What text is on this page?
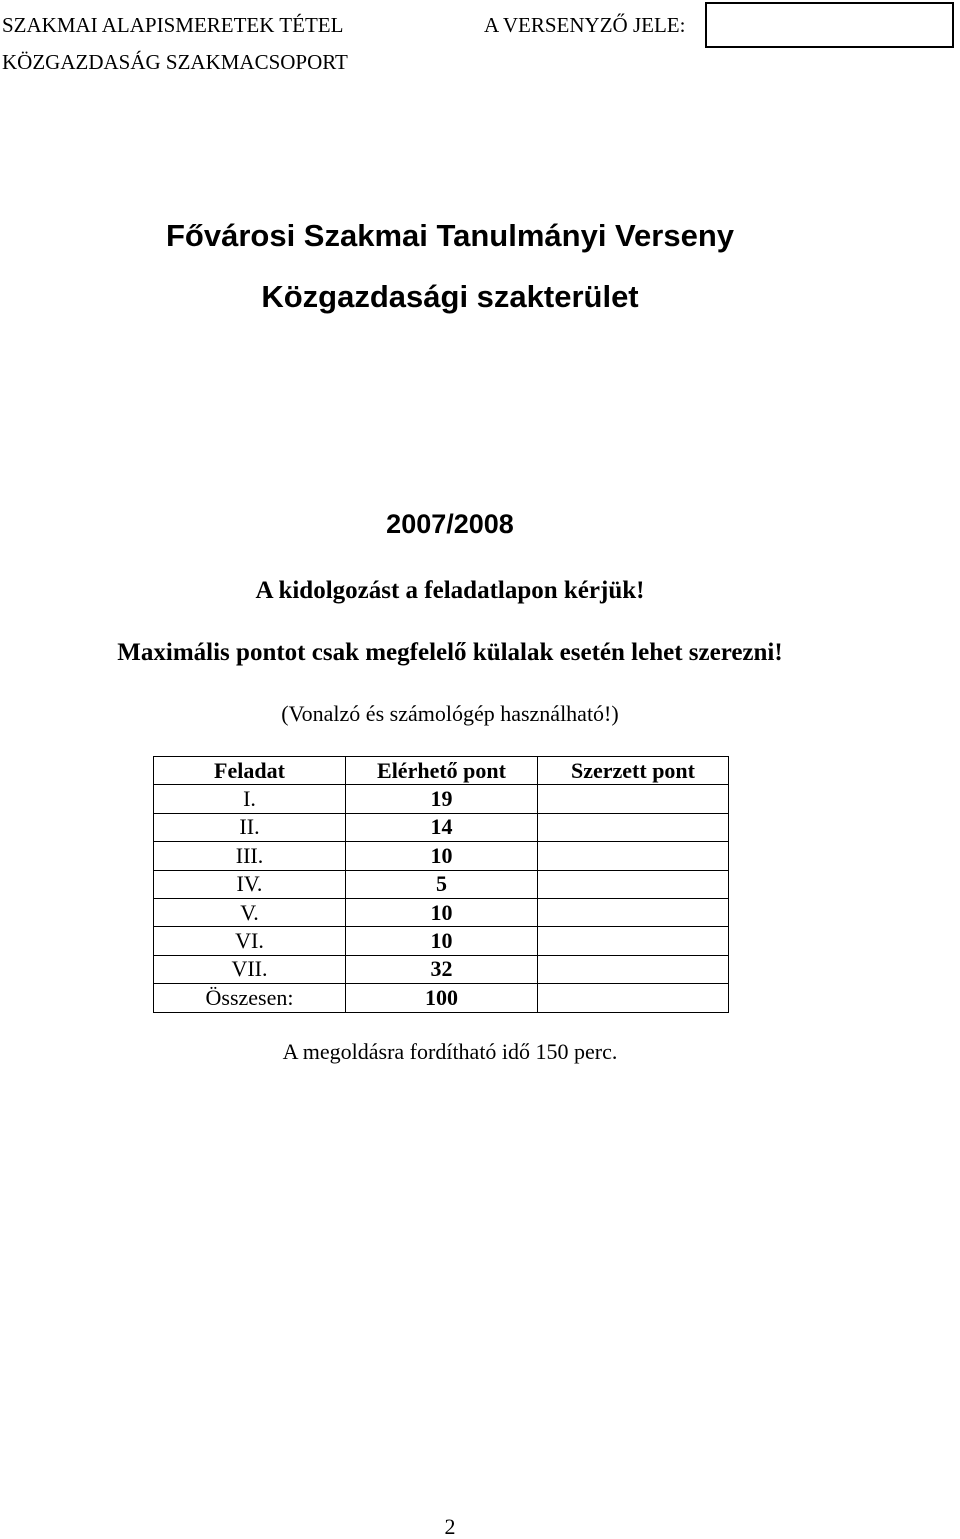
SZAKMAI ALAPISMERETEK TÉTEL
KÖZGAZDASÁG SZAKMACSOPORT
A VERSENYZŐ JELE:
Fővárosi Szakmai Tanulmányi Verseny
Közgazdasági szakterület
2007/2008
A kidolgozást a feladatlapon kérjük!
Maximális pontot csak megfelelő külalak esetén lehet szerezni!
(Vonalzó és számológép használható!)
Feladat	Elérhető pont	Szerzett pont
I.	19	
II.	14	
III.	10	
IV.	5	
V.	10	
VI.	10	
VII.	32	
Összesen:	100	
A megoldásra fordítható idő 150 perc.
2
